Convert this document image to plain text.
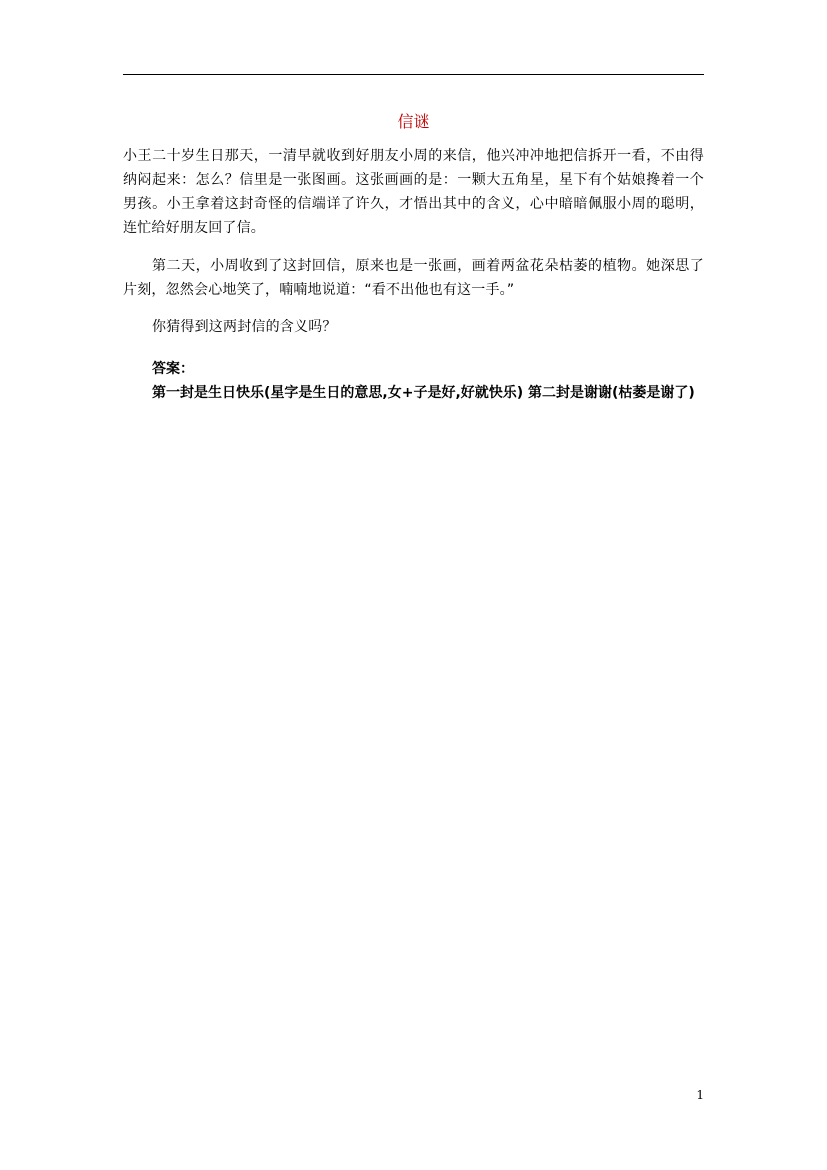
信谜

小王二十岁生日那天，一清早就收到好朋友小周的来信，他兴冲冲地把信拆开一看，不由得纳闷起来：怎么？信里是一张图画。这张画画的是：一颗大五角星，星下有个姑娘搀着一个男孩。小王拿着这封奇怪的信端详了许久，才悟出其中的含义，心中暗暗佩服小周的聪明，连忙给好朋友回了信。

第二天，小周收到了这封回信，原来也是一张画，画着两盆花朵枯萎的植物。她深思了片刻，忽然会心地笑了，喃喃地说道：“看不出他也有这一手。”

你猜得到这两封信的含义吗？

答案：

第一封是生日快乐(星字是生日的意思,女+子是好,好就快乐) 第二封是谢谢(枯萎是谢了)

1
